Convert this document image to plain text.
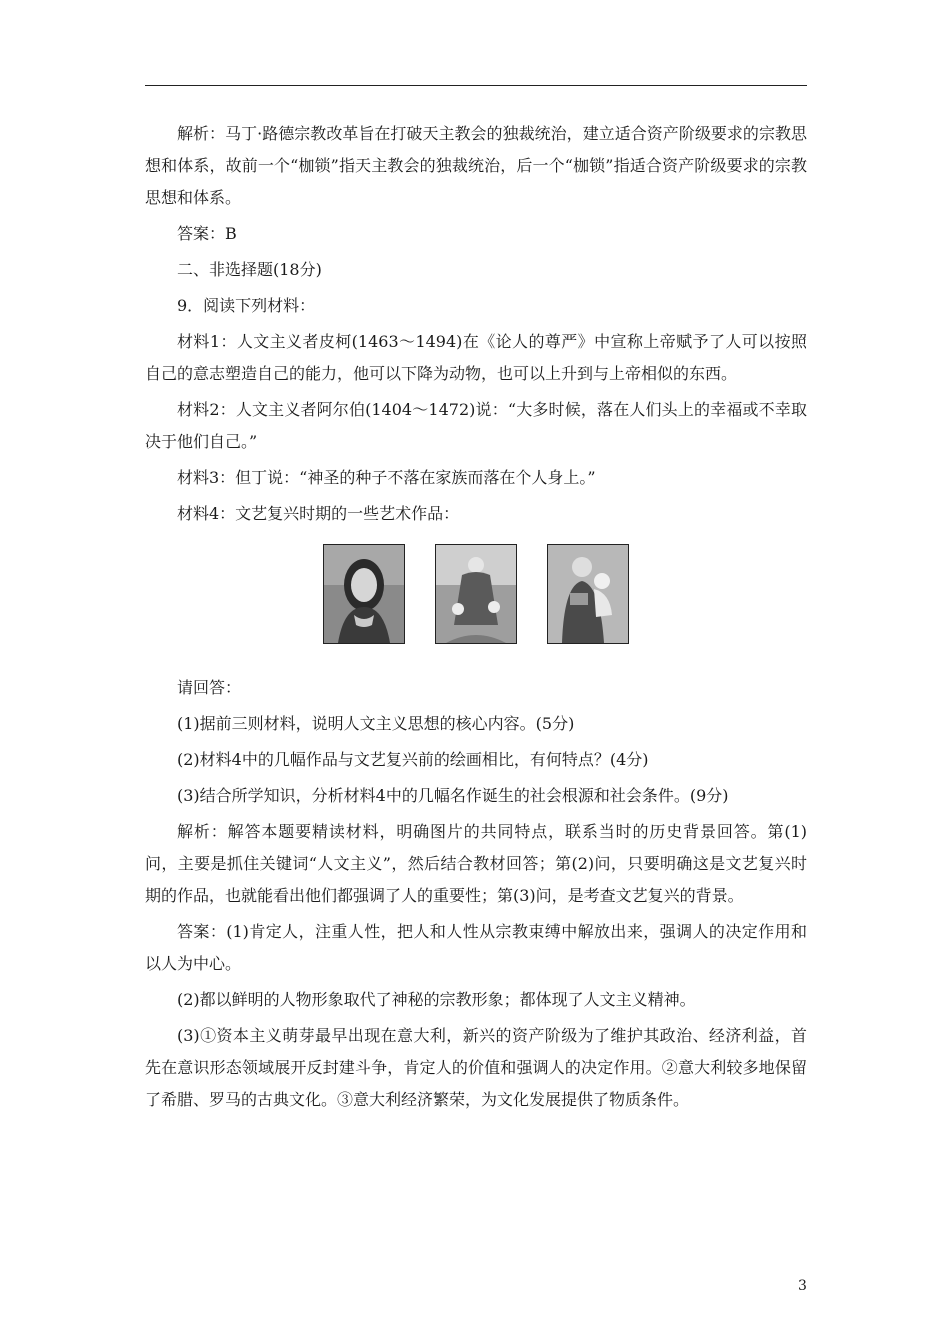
解析：马丁·路德宗教改革旨在打破天主教会的独裁统治，建立适合资产阶级要求的宗教思想和体系，故前一个“枷锁”指天主教会的独裁统治，后一个“枷锁”指适合资产阶级要求的宗教思想和体系。

答案：B

二、非选择题(18分)

9．阅读下列材料：

材料1：人文主义者皮柯(1463～1494)在《论人的尊严》中宣称上帝赋予了人可以按照自己的意志塑造自己的能力，他可以下降为动物，也可以上升到与上帝相似的东西。

材料2：人文主义者阿尔伯(1404～1472)说：“大多时候，落在人们头上的幸福或不幸取决于他们自己。”

材料3：但丁说：“神圣的种子不落在家族而落在个人身上。”

材料4：文艺复兴时期的一些艺术作品：

请回答：

(1)据前三则材料，说明人文主义思想的核心内容。(5分)

(2)材料4中的几幅作品与文艺复兴前的绘画相比，有何特点？(4分)

(3)结合所学知识，分析材料4中的几幅名作诞生的社会根源和社会条件。(9分)

解析：解答本题要精读材料，明确图片的共同特点，联系当时的历史背景回答。第(1)问，主要是抓住关键词“人文主义”，然后结合教材回答；第(2)问，只要明确这是文艺复兴时期的作品，也就能看出他们都强调了人的重要性；第(3)问，是考查文艺复兴的背景。

答案：(1)肯定人，注重人性，把人和人性从宗教束缚中解放出来，强调人的决定作用和以人为中心。

(2)都以鲜明的人物形象取代了神秘的宗教形象；都体现了人文主义精神。

(3)①资本主义萌芽最早出现在意大利，新兴的资产阶级为了维护其政治、经济利益，首先在意识形态领域展开反封建斗争，肯定人的价值和强调人的决定作用。②意大利较多地保留了希腊、罗马的古典文化。③意大利经济繁荣，为文化发展提供了物质条件。

3
